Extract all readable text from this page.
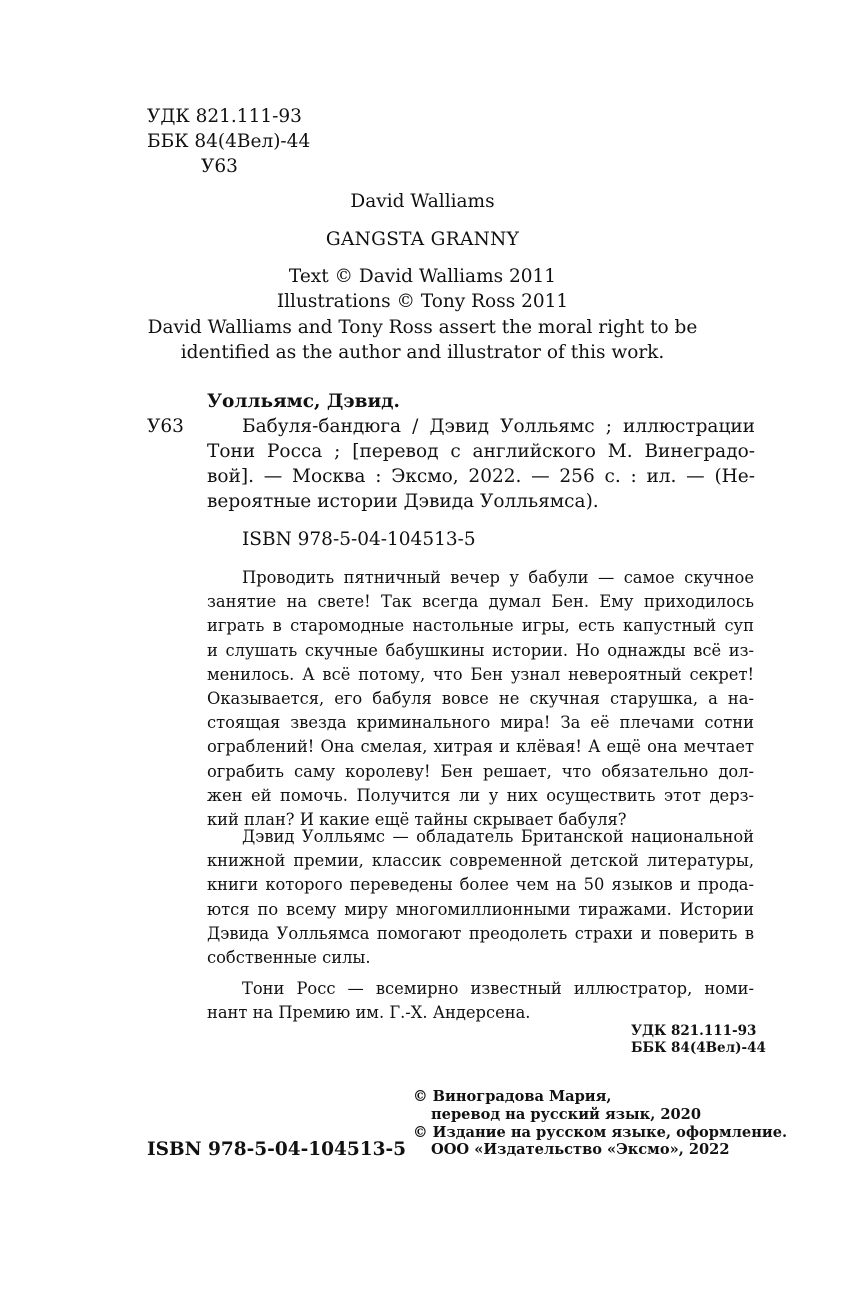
УДК 821.111-93
ББК 84(4Вел)-44
У63
David Walliams
GANGSTA GRANNY
Text © David Walliams 2011
Illustrations © Tony Ross 2011
David Walliams and Tony Ross assert the moral right to be
identified as the author and illustrator of this work.
Уолльямс, Дэвид.
У63	Бабуля-бандюга / Дэвид Уолльямс ; иллюстрации
Тони Росса ; [перевод с английского М. Винеградо-
вой]. — Москва : Эксмо, 2022. — 256 с. : ил. — (Не-
вероятные истории Дэвида Уолльямса).
ISBN 978-5-04-104513-5
Проводить пятничный вечер у бабули — самое скучное
занятие на свете! Так всегда думал Бен. Ему приходилось
играть в старомодные настольные игры, есть капустный суп
и слушать скучные бабушкины истории. Но однажды всё из-
менилось. А всё потому, что Бен узнал невероятный секрет!
Оказывается, его бабуля вовсе не скучная старушка, а на-
стоящая звезда криминального мира! За её плечами сотни
ограблений! Она смелая, хитрая и клёвая! А ещё она мечтает
ограбить саму королеву! Бен решает, что обязательно дол-
жен ей помочь. Получится ли у них осуществить этот дерз-
кий план? И какие ещё тайны скрывает бабуля?
Дэвид Уолльямс — обладатель Британской национальной
книжной премии, классик современной детской литературы,
книги которого переведены более чем на 50 языков и прода-
ются по всему миру многомиллионными тиражами. Истории
Дэвида Уолльямса помогают преодолеть страхи и поверить в
собственные силы.
Тони Росс — всемирно известный иллюстратор, номи-
нант на Премию им. Г.-Х. Андерсена.
УДК 821.111-93
ББК 84(4Вел)-44
ISBN 978-5-04-104513-5
© Виноградова Мария,
перевод на русский язык, 2020
© Издание на русском языке, оформление.
ООО «Издательство «Эксмо», 2022
